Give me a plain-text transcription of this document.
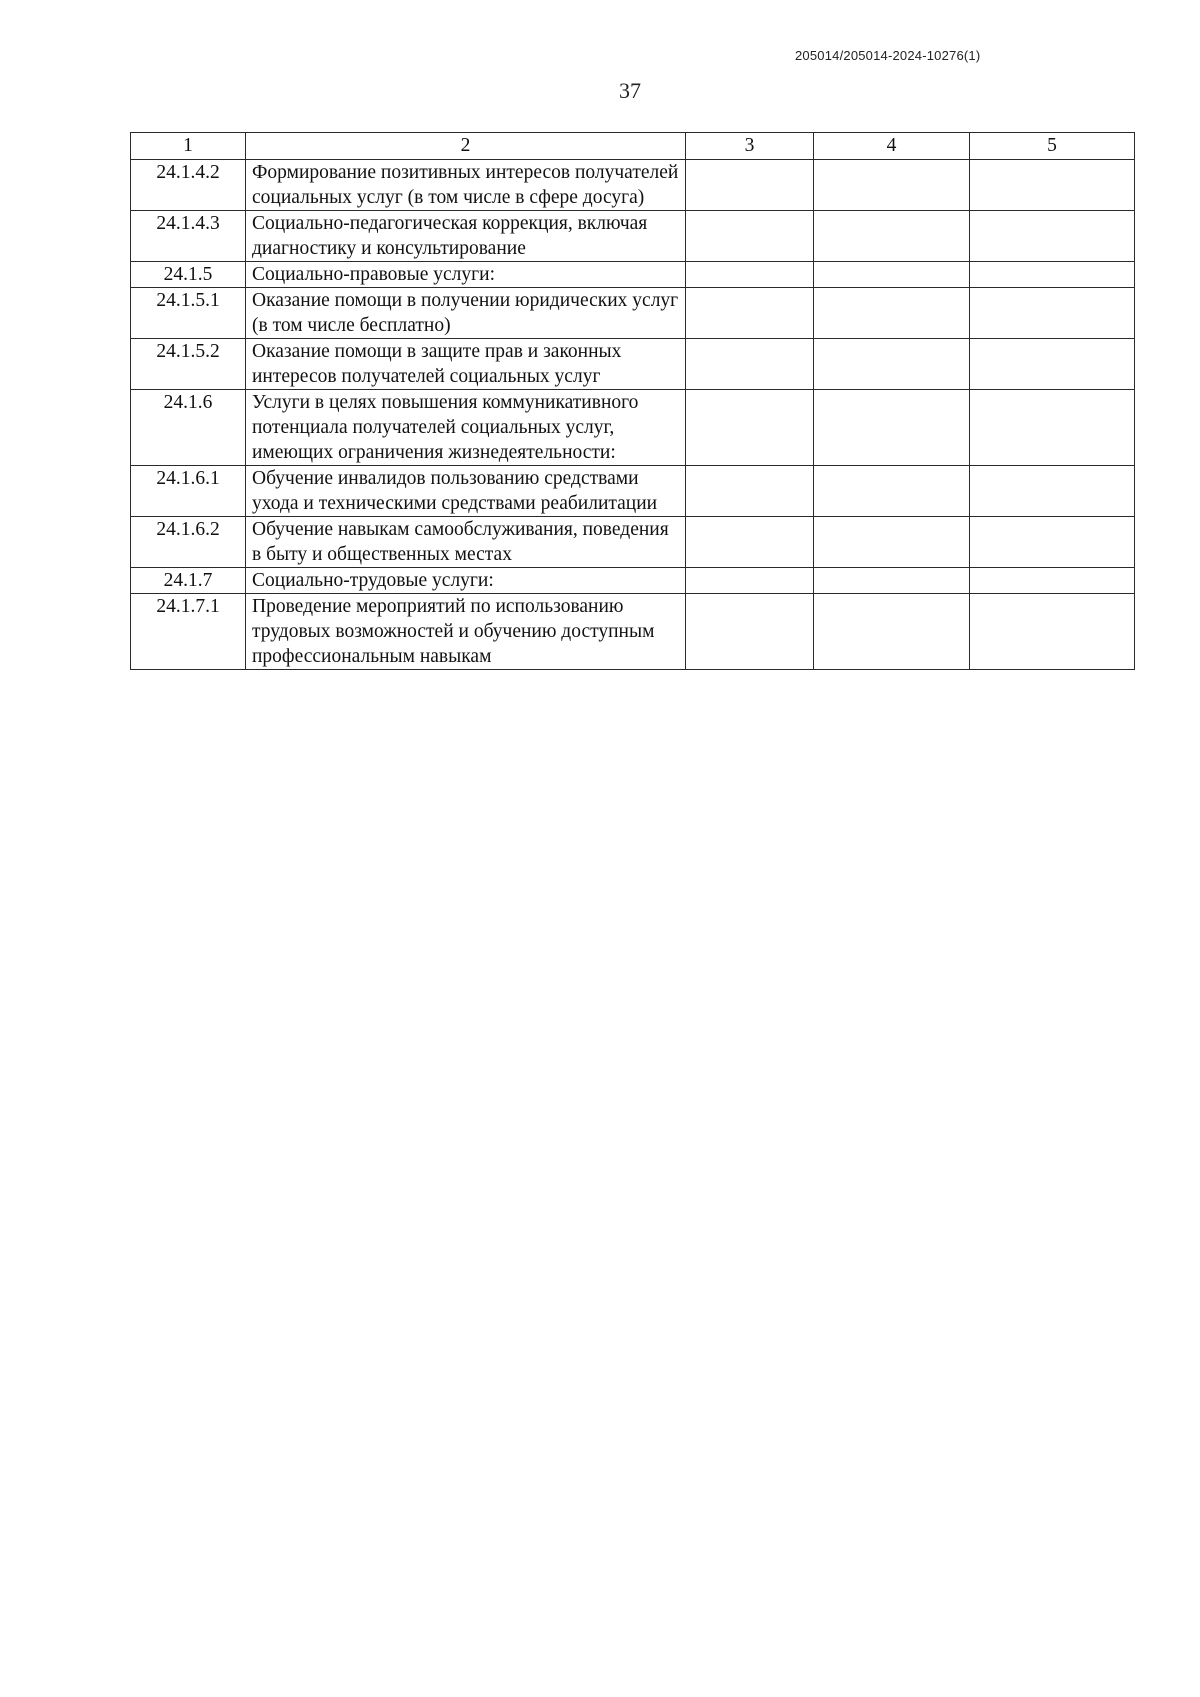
205014/205014-2024-10276(1)
37
1	2	3	4	5
24.1.4.2	Формирование позитивных интересов получателей социальных услуг (в том числе в сфере досуга)			
24.1.4.3	Социально-педагогическая коррекция, включая диагностику и консультирование			
24.1.5	Социально-правовые услуги:			
24.1.5.1	Оказание помощи в получении юридических услуг (в том числе бесплатно)			
24.1.5.2	Оказание помощи в защите прав и законных интересов получателей социальных услуг			
24.1.6	Услуги в целях повышения коммуникативного потенциала получателей социальных услуг, имеющих ограничения жизнедеятельности:			
24.1.6.1	Обучение инвалидов пользованию средствами ухода и техническими средствами реабилитации			
24.1.6.2	Обучение навыкам самообслуживания, поведения в быту и общественных местах			
24.1.7	Социально-трудовые услуги:			
24.1.7.1	Проведение мероприятий по использованию трудовых возможностей и обучению доступным профессиональным навыкам			
